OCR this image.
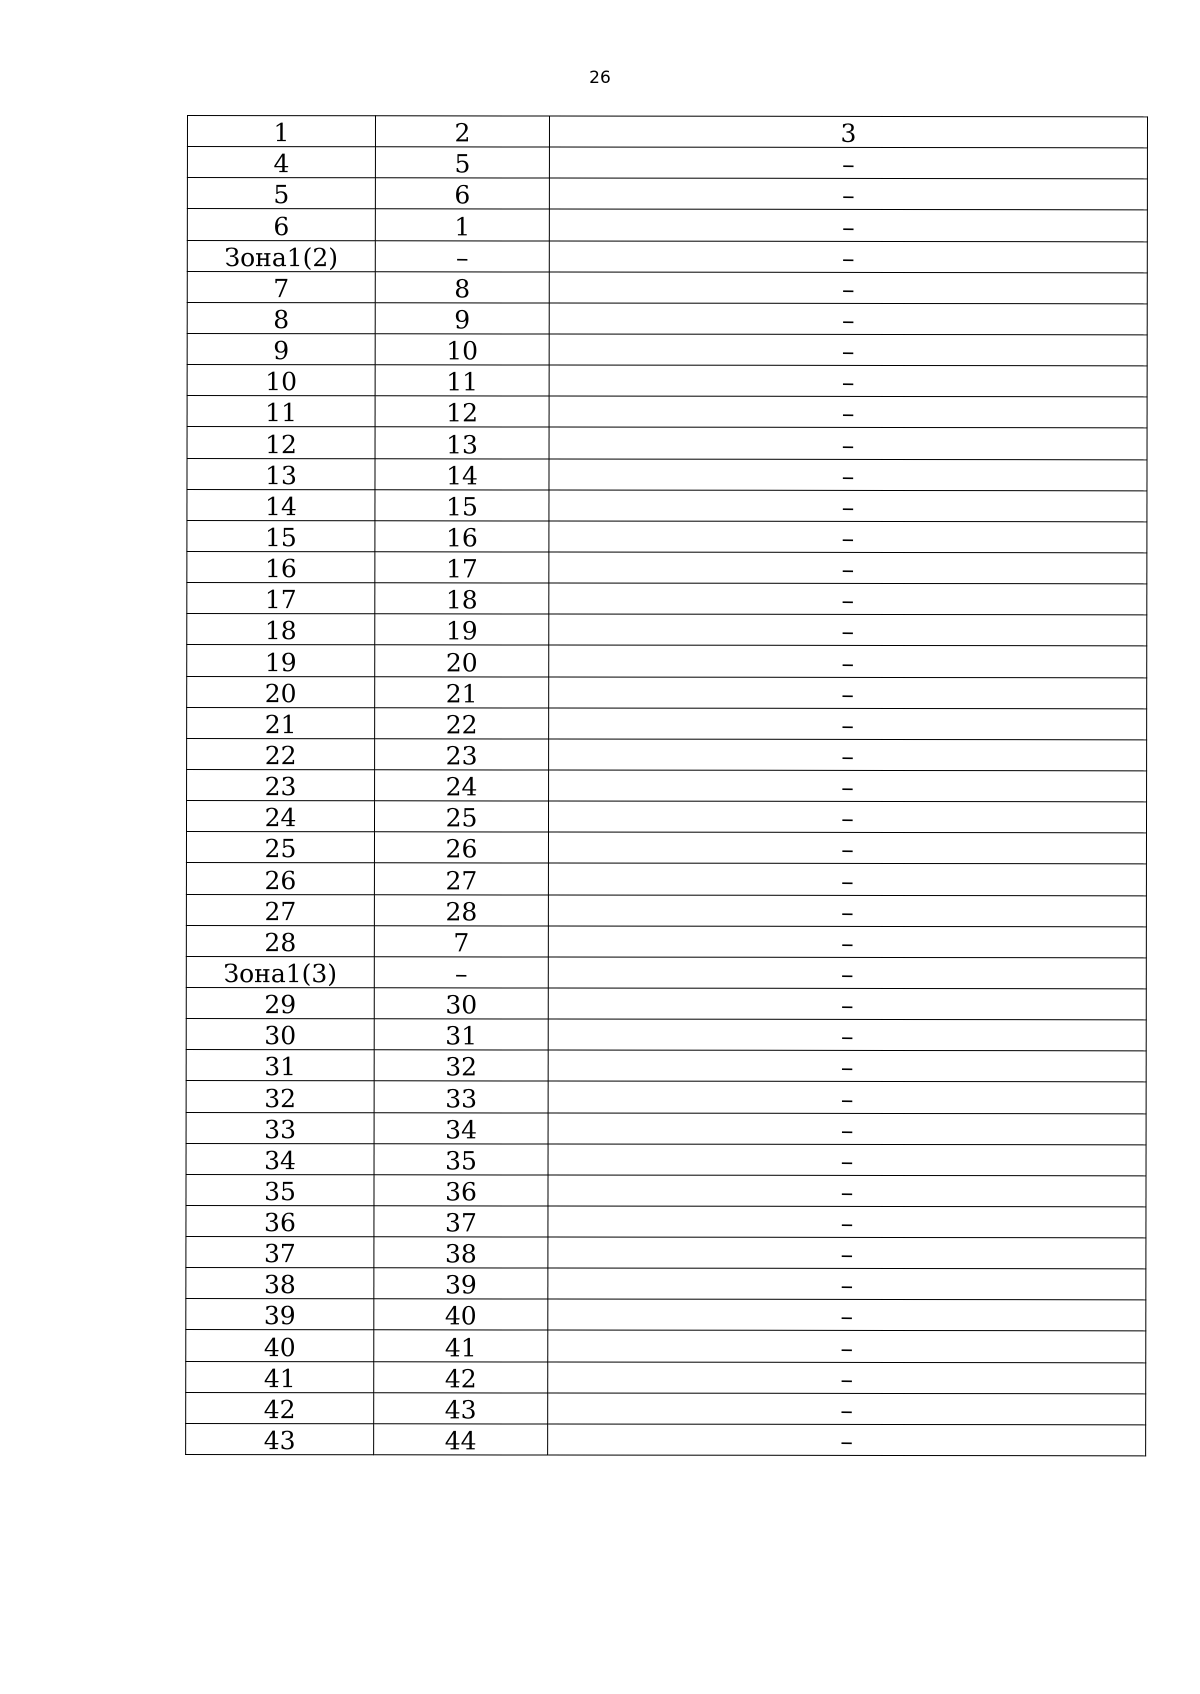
26
1	2	3
4	5	–
5	6	–
6	1	–
Зона1(2)	–	–
7	8	–
8	9	–
9	10	–
10	11	–
11	12	–
12	13	–
13	14	–
14	15	–
15	16	–
16	17	–
17	18	–
18	19	–
19	20	–
20	21	–
21	22	–
22	23	–
23	24	–
24	25	–
25	26	–
26	27	–
27	28	–
28	7	–
Зона1(3)	–	–
29	30	–
30	31	–
31	32	–
32	33	–
33	34	–
34	35	–
35	36	–
36	37	–
37	38	–
38	39	–
39	40	–
40	41	–
41	42	–
42	43	–
43	44	–
